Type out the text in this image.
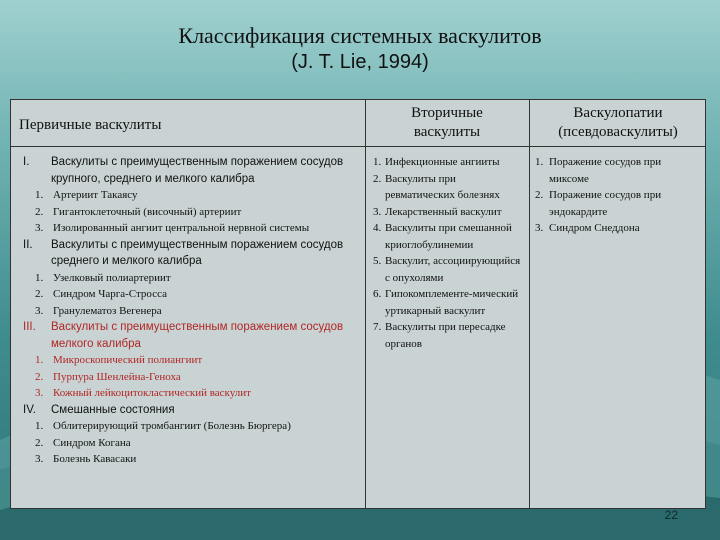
Классификация системных васкулитов
(J. T. Lie, 1994)
Первичные васкулиты
Вторичные васкулиты
Васкулопатии (псевдоваскулиты)
I. Васкулиты с преимущественным поражением сосудов крупного, среднего и мелкого калибра
1. Артериит Такаясу
2. Гигантоклеточный (височный) артериит
3. Изолированный ангиит центральной нервной системы
II. Васкулиты с преимущественным поражением сосудов среднего и мелкого калибра
1. Узелковый полиартериит
2. Синдром Чарга-Стросса
3. Гранулематоз Вегенера
III. Васкулиты с преимущественным поражением сосудов мелкого калибра
1. Микроскопический полиангиит
2. Пурпура Шенлейна-Геноха
3. Кожный лейкоцитокластический васкулит
IV. Смешанные состояния
1. Облитерирующий тромбангиит (Болезнь Бюргера)
2. Синдром Когана
3. Болезнь Кавасаки
1. Инфекционные ангииты
2. Васкулиты при ревматических болезнях
3. Лекарственный васкулит
4. Васкулиты при смешанной криоглобулинемии
5. Васкулит, ассоциирующийся с опухолями
6. Гипокомплементе-мический уртикарный васкулит
7. Васкулиты при пересадке органов
1. Поражение сосудов при миксоме
2. Поражение сосудов при эндокардите
3. Синдром Снеддона
22
